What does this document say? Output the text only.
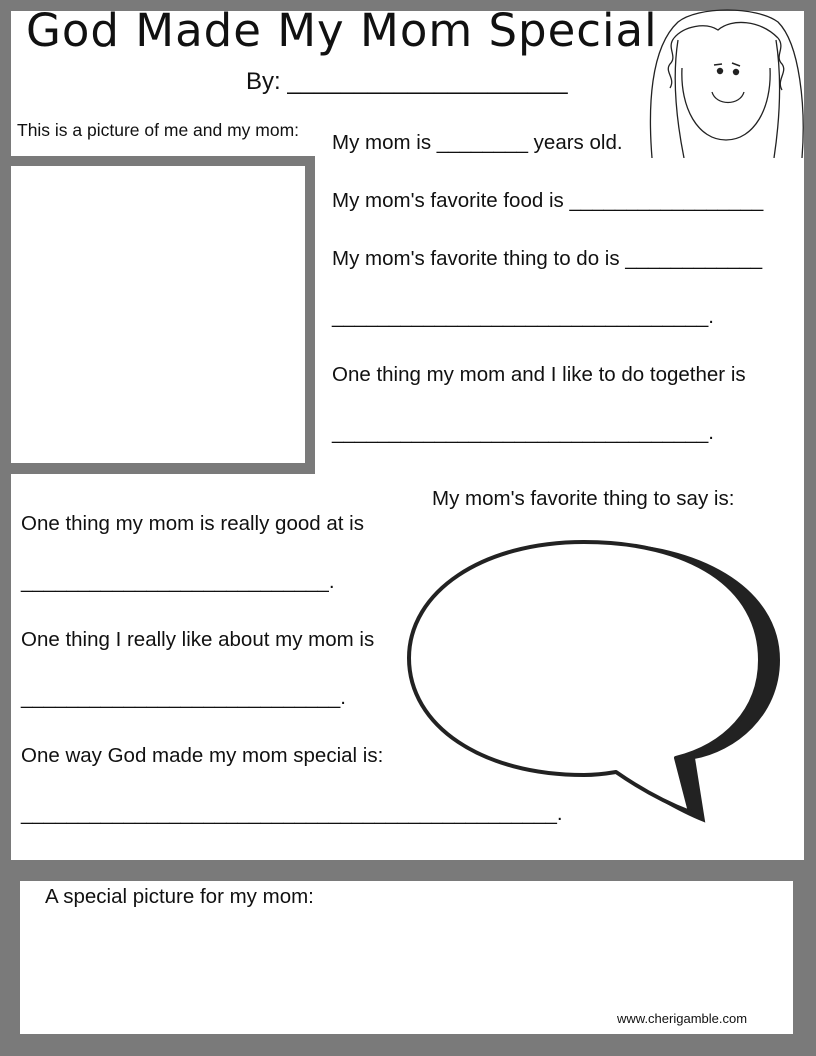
God Made My Mom Special
By: _____________________
This is a picture of me and my mom:
My mom is ________ years old.
My mom's favorite food is _________________
My mom's favorite thing to do is ____________
_________________________________.
One thing my mom and I like to do together is
_________________________________.
My mom's favorite thing to say is:
One thing my mom is really good at is
___________________________.
One thing I really like about my mom is
____________________________.
One way God made my mom special is:
_______________________________________________.
A special picture for my mom:
www.cherigamble.com
